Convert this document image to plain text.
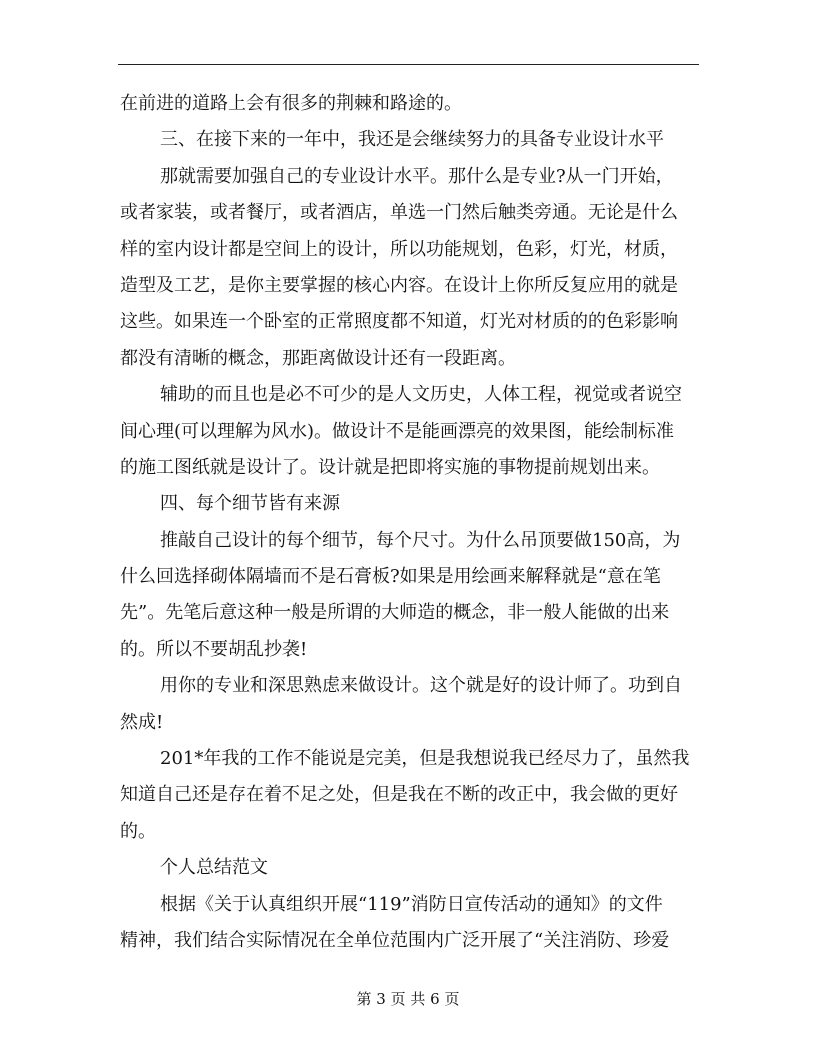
在前进的道路上会有很多的荆棘和路途的。
三、在接下来的一年中，我还是会继续努力的具备专业设计水平
那就需要加强自己的专业设计水平。那什么是专业?从一门开始，
或者家装，或者餐厅，或者酒店，单选一门然后触类旁通。无论是什么
样的室内设计都是空间上的设计，所以功能规划，色彩，灯光，材质，
造型及工艺，是你主要掌握的核心内容。在设计上你所反复应用的就是
这些。如果连一个卧室的正常照度都不知道，灯光对材质的的色彩影响
都没有清晰的概念，那距离做设计还有一段距离。
辅助的而且也是必不可少的是人文历史，人体工程，视觉或者说空
间心理(可以理解为风水)。做设计不是能画漂亮的效果图，能绘制标准
的施工图纸就是设计了。设计就是把即将实施的事物提前规划出来。
四、每个细节皆有来源
推敲自己设计的每个细节，每个尺寸。为什么吊顶要做150高，为
什么回选择砌体隔墙而不是石膏板?如果是用绘画来解释就是“意在笔
先”。先笔后意这种一般是所谓的大师造的概念，非一般人能做的出来
的。所以不要胡乱抄袭!
用你的专业和深思熟虑来做设计。这个就是好的设计师了。功到自
然成!
201*年我的工作不能说是完美，但是我想说我已经尽力了，虽然我
知道自己还是存在着不足之处，但是我在不断的改正中，我会做的更好
的。
个人总结范文
根据《关于认真组织开展“119”消防日宣传活动的通知》的文件
精神，我们结合实际情况在全单位范围内广泛开展了“关注消防、珍爱
第 3 页 共 6 页
